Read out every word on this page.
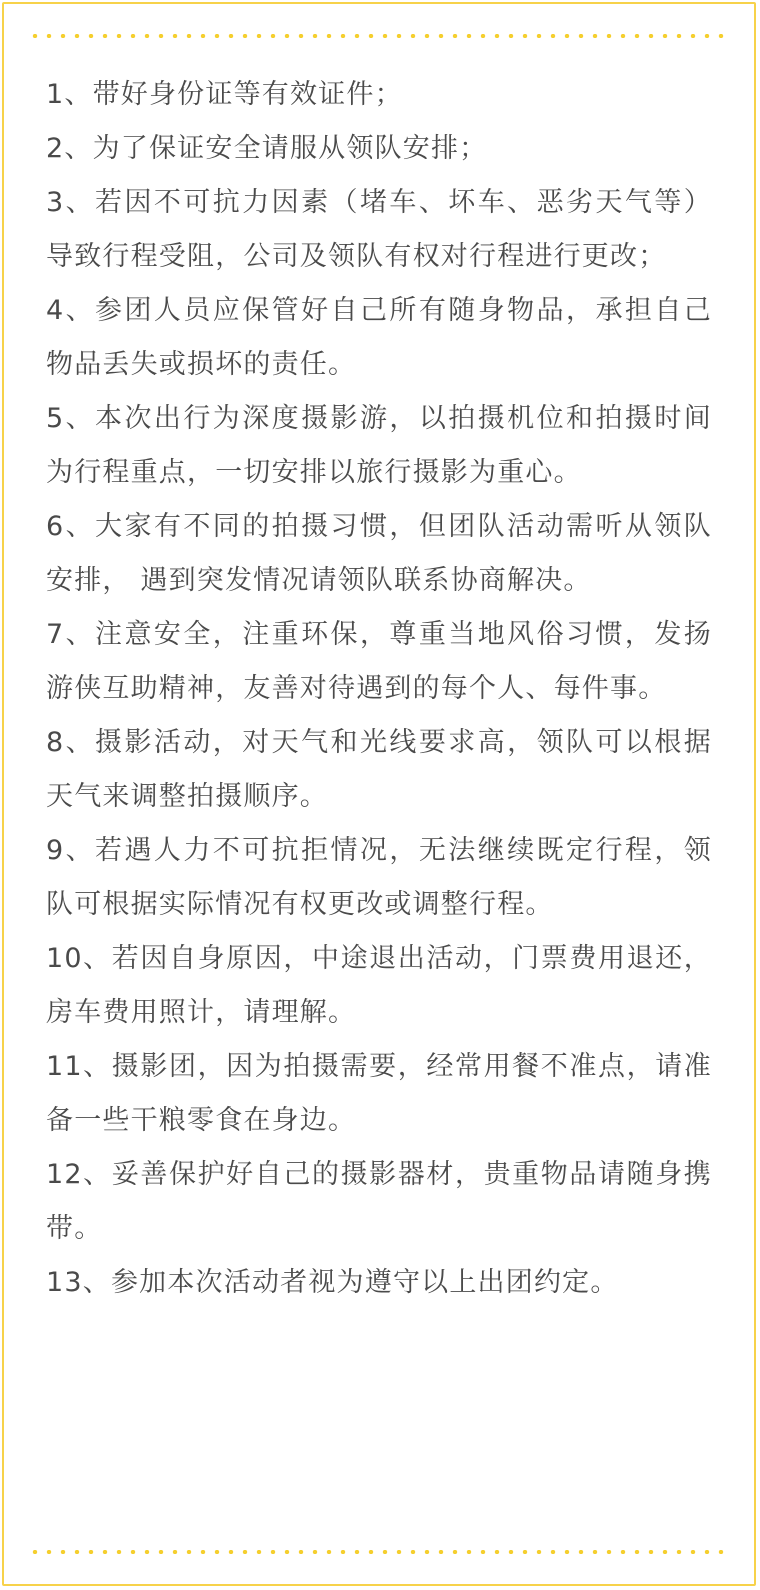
1、带好身份证等有效证件；
2、为了保证安全请服从领队安排；
3、若因不可抗力因素（堵车、坏车、恶劣天气等）导致行程受阻，公司及领队有权对行程进行更改；
4、参团人员应保管好自己所有随身物品，承担自己物品丢失或损坏的责任。
5、本次出行为深度摄影游，以拍摄机位和拍摄时间为行程重点，一切安排以旅行摄影为重心。
6、大家有不同的拍摄习惯，但团队活动需听从领队安排， 遇到突发情况请领队联系协商解决。
7、注意安全，注重环保，尊重当地风俗习惯，发扬游侠互助精神，友善对待遇到的每个人、每件事。
8、摄影活动，对天气和光线要求高，领队可以根据天气来调整拍摄顺序。
9、若遇人力不可抗拒情况，无法继续既定行程，领队可根据实际情况有权更改或调整行程。
10、若因自身原因，中途退出活动，门票费用退还，房车费用照计，请理解。
11、摄影团，因为拍摄需要，经常用餐不准点，请准备一些干粮零食在身边。
12、妥善保护好自己的摄影器材，贵重物品请随身携带。
13、参加本次活动者视为遵守以上出团约定。
